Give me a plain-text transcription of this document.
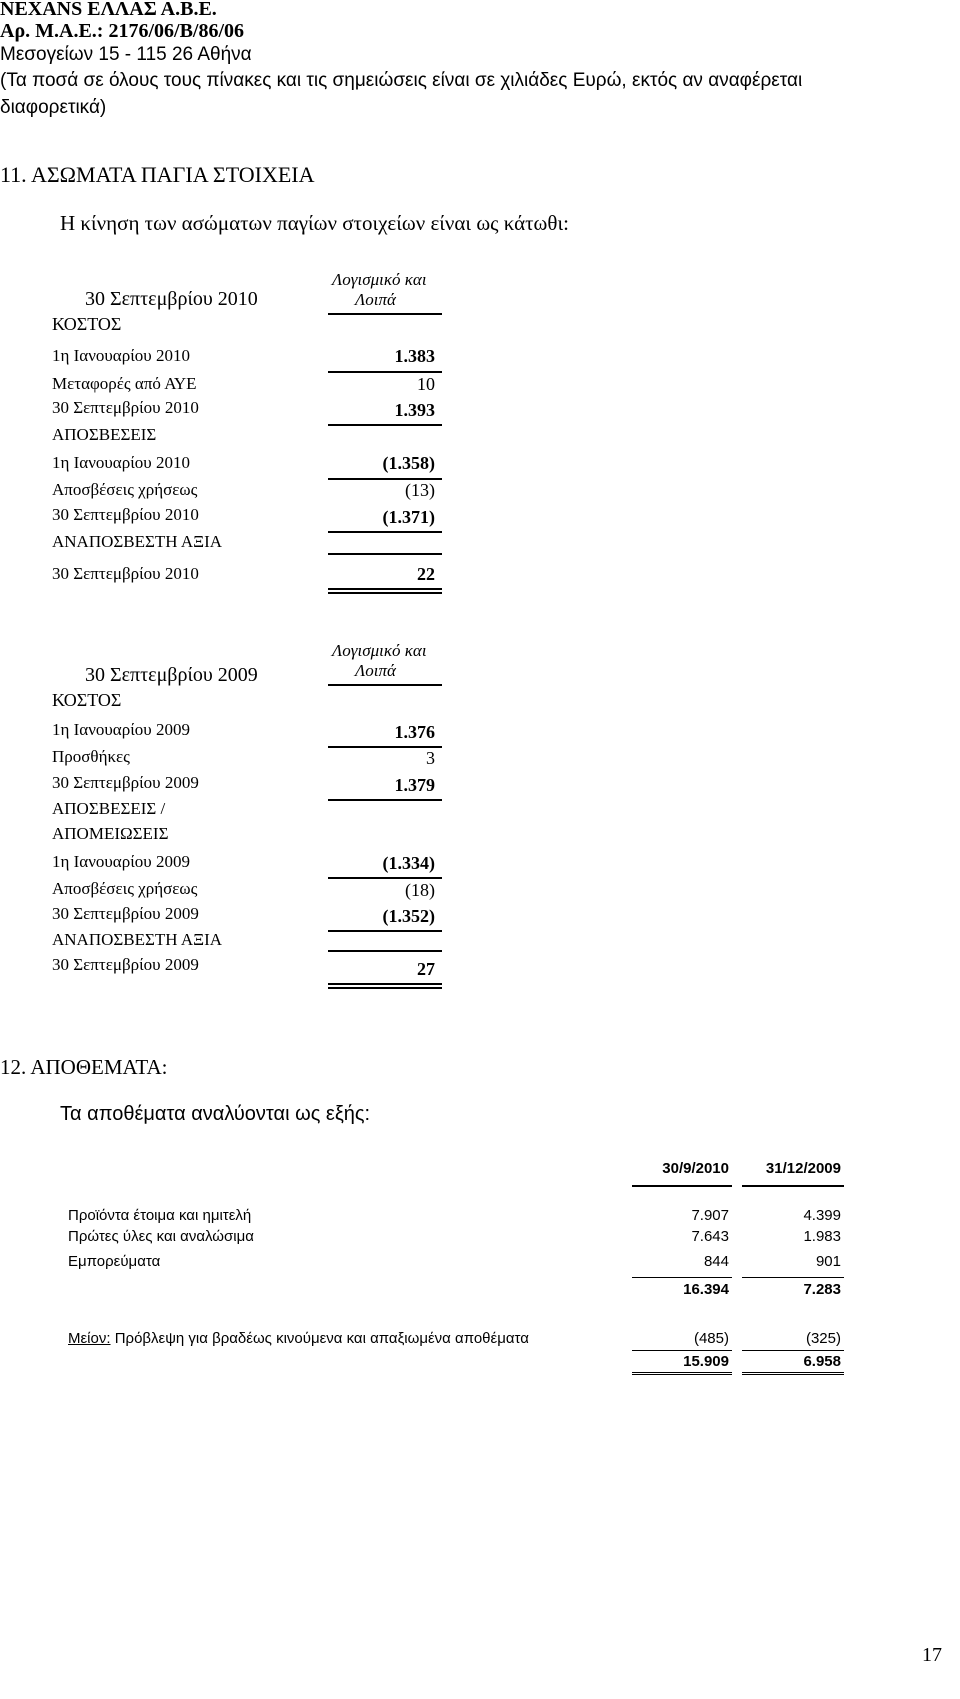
ΝΕΧΑΝS ΕΛΛΑΣ Α.Β.Ε.
Αρ. Μ.Α.Ε.: 2176/06/Β/86/06
Μεσογείων 15 - 115 26 Αθήνα
(Τα ποσά σε όλους τους πίνακες και τις σημειώσεις είναι σε χιλιάδες Ευρώ, εκτός αν αναφέρεται
διαφορετικά)
11. ΑΣΩΜΑΤΑ ΠΑΓΙΑ ΣΤΟΙΧΕΙΑ
Η κίνηση των ασώματων παγίων στοιχείων είναι ως κάτωθι:
Λογισμικό και
Λοιπά
30 Σεπτεμβρίου 2010
ΚΟΣΤΟΣ
1η Ιανουαρίου 2010	1.383
Μεταφορές από ΑΥΕ	10
30 Σεπτεμβρίου 2010	1.393
ΑΠΟΣΒΕΣΕΙΣ
1η Ιανουαρίου 2010	(1.358)
Αποσβέσεις χρήσεως	(13)
30 Σεπτεμβρίου 2010	(1.371)
ΑΝΑΠΟΣΒΕΣΤΗ ΑΞΙΑ
30 Σεπτεμβρίου 2010	22
Λογισμικό και
Λοιπά
30 Σεπτεμβρίου 2009
ΚΟΣΤΟΣ
1η Ιανουαρίου 2009	1.376
Προσθήκες	3
30 Σεπτεμβρίου 2009	1.379
ΑΠΟΣΒΕΣΕΙΣ /
ΑΠΟΜΕΙΩΣΕΙΣ
1η Ιανουαρίου 2009	(1.334)
Αποσβέσεις χρήσεως	(18)
30 Σεπτεμβρίου 2009	(1.352)
ΑΝΑΠΟΣΒΕΣΤΗ ΑΞΙΑ
30 Σεπτεμβρίου 2009	27
12. ΑΠΟΘΕΜΑΤΑ:
Τα αποθέματα αναλύονται ως εξής:
30/9/2010	31/12/2009
Προϊόντα έτοιμα και ημιτελή	7.907	4.399
Πρώτες ύλες και αναλώσιμα	7.643	1.983
Εμπορεύματα	844	901
16.394	7.283
Μείον: Πρόβλεψη για βραδέως κινούμενα και απαξιωμένα αποθέματα	(485)	(325)
15.909	6.958
17
